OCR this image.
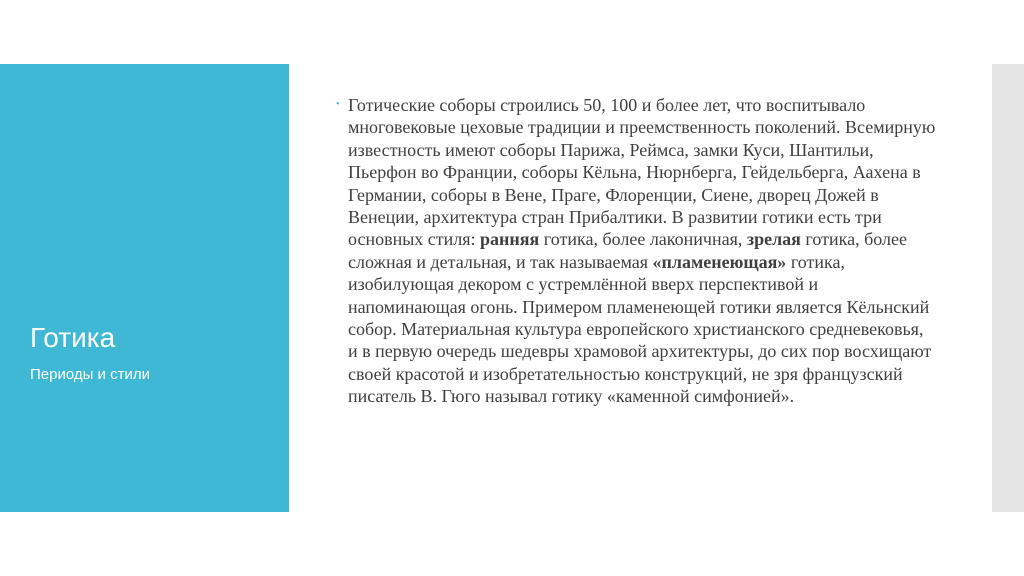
Готика

Периоды и стили

• Готические соборы строились 50, 100 и более лет, что воспитывало многовековые цеховые традиции и преемственность поколений. Всемирную известность имеют соборы Парижа, Реймса, замки Куси, Шантильи, Пьерфон во Франции, соборы Кёльна, Нюрнберга, Гейдельберга, Аахена в Германии, соборы в Вене, Праге, Флоренции, Сиене, дворец Дожей в Венеции, архитектура стран Прибалтики. В развитии готики есть три основных стиля: ранняя готика, более лаконичная, зрелая готика, более сложная и детальная, и так называемая «пламенеющая» готика, изобилующая декором с устремлённой вверх перспективой и напоминающая огонь. Примером пламенеющей готики является Кёльнский собор. Материальная культура европейского христианского средневековья, и в первую очередь шедевры храмовой архитектуры, до сих пор восхищают своей красотой и изобретательностью конструкций, не зря французский писатель В. Гюго называл готику «каменной симфонией».
